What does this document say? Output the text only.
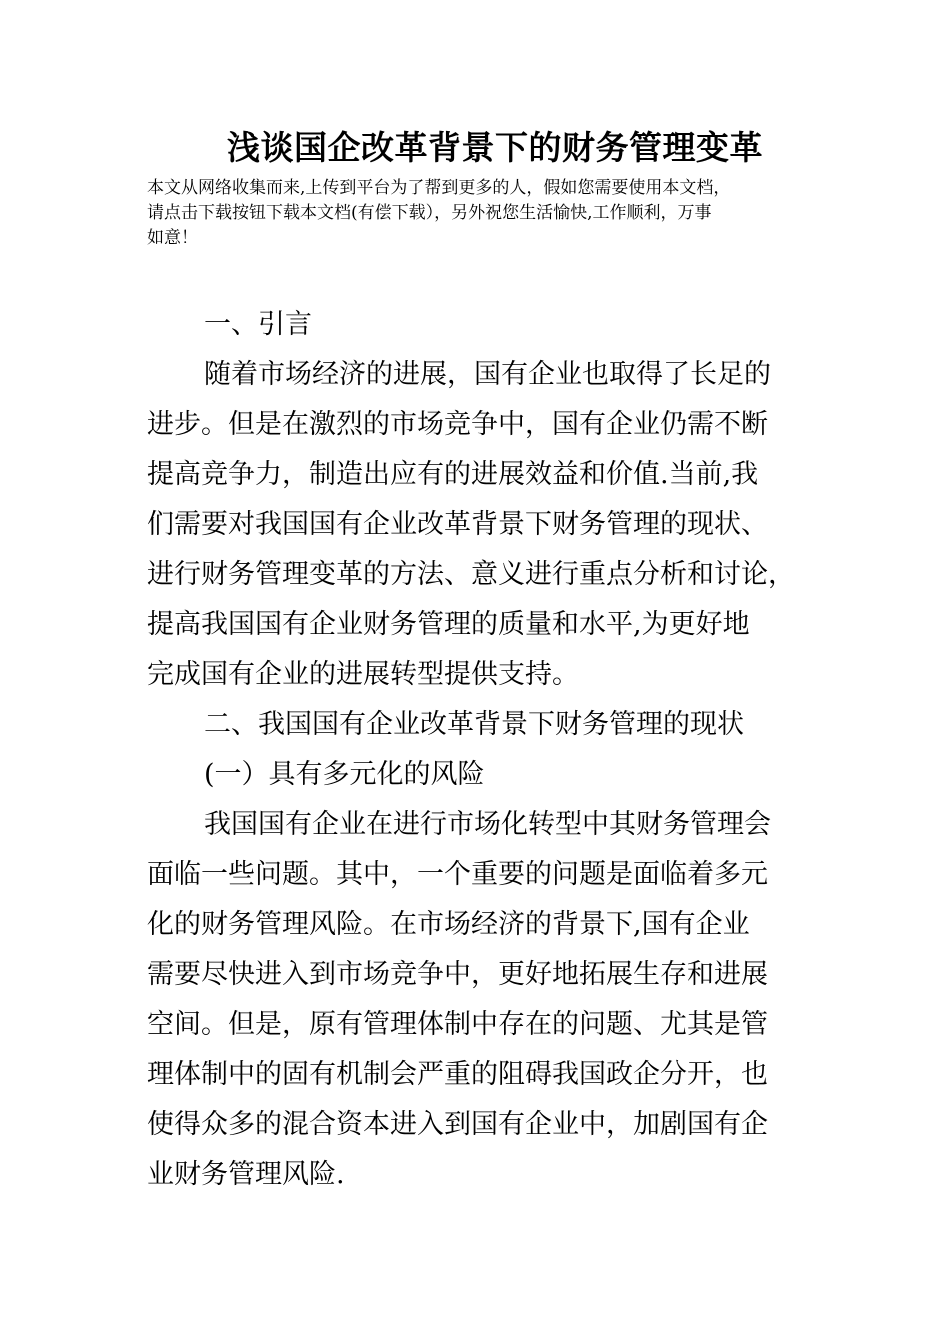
浅谈国企改革背景下的财务管理变革
本文从网络收集而来,上传到平台为了帮到更多的人，假如您需要使用本文档，
请点击下载按钮下载本文档(有偿下载），另外祝您生活愉快,工作顺利，万事
如意！
一、引言
随着市场经济的进展，国有企业也取得了长足的
进步。但是在激烈的市场竞争中，国有企业仍需不断
提高竞争力，制造出应有的进展效益和价值.当前,我
们需要对我国国有企业改革背景下财务管理的现状、
进行财务管理变革的方法、意义进行重点分析和讨论，
提高我国国有企业财务管理的质量和水平,为更好地
完成国有企业的进展转型提供支持。
二、我国国有企业改革背景下财务管理的现状
(一）具有多元化的风险
我国国有企业在进行市场化转型中其财务管理会
面临一些问题。其中，一个重要的问题是面临着多元
化的财务管理风险。在市场经济的背景下,国有企业
需要尽快进入到市场竞争中，更好地拓展生存和进展
空间。但是，原有管理体制中存在的问题、尤其是管
理体制中的固有机制会严重的阻碍我国政企分开，也
使得众多的混合资本进入到国有企业中，加剧国有企
业财务管理风险.
